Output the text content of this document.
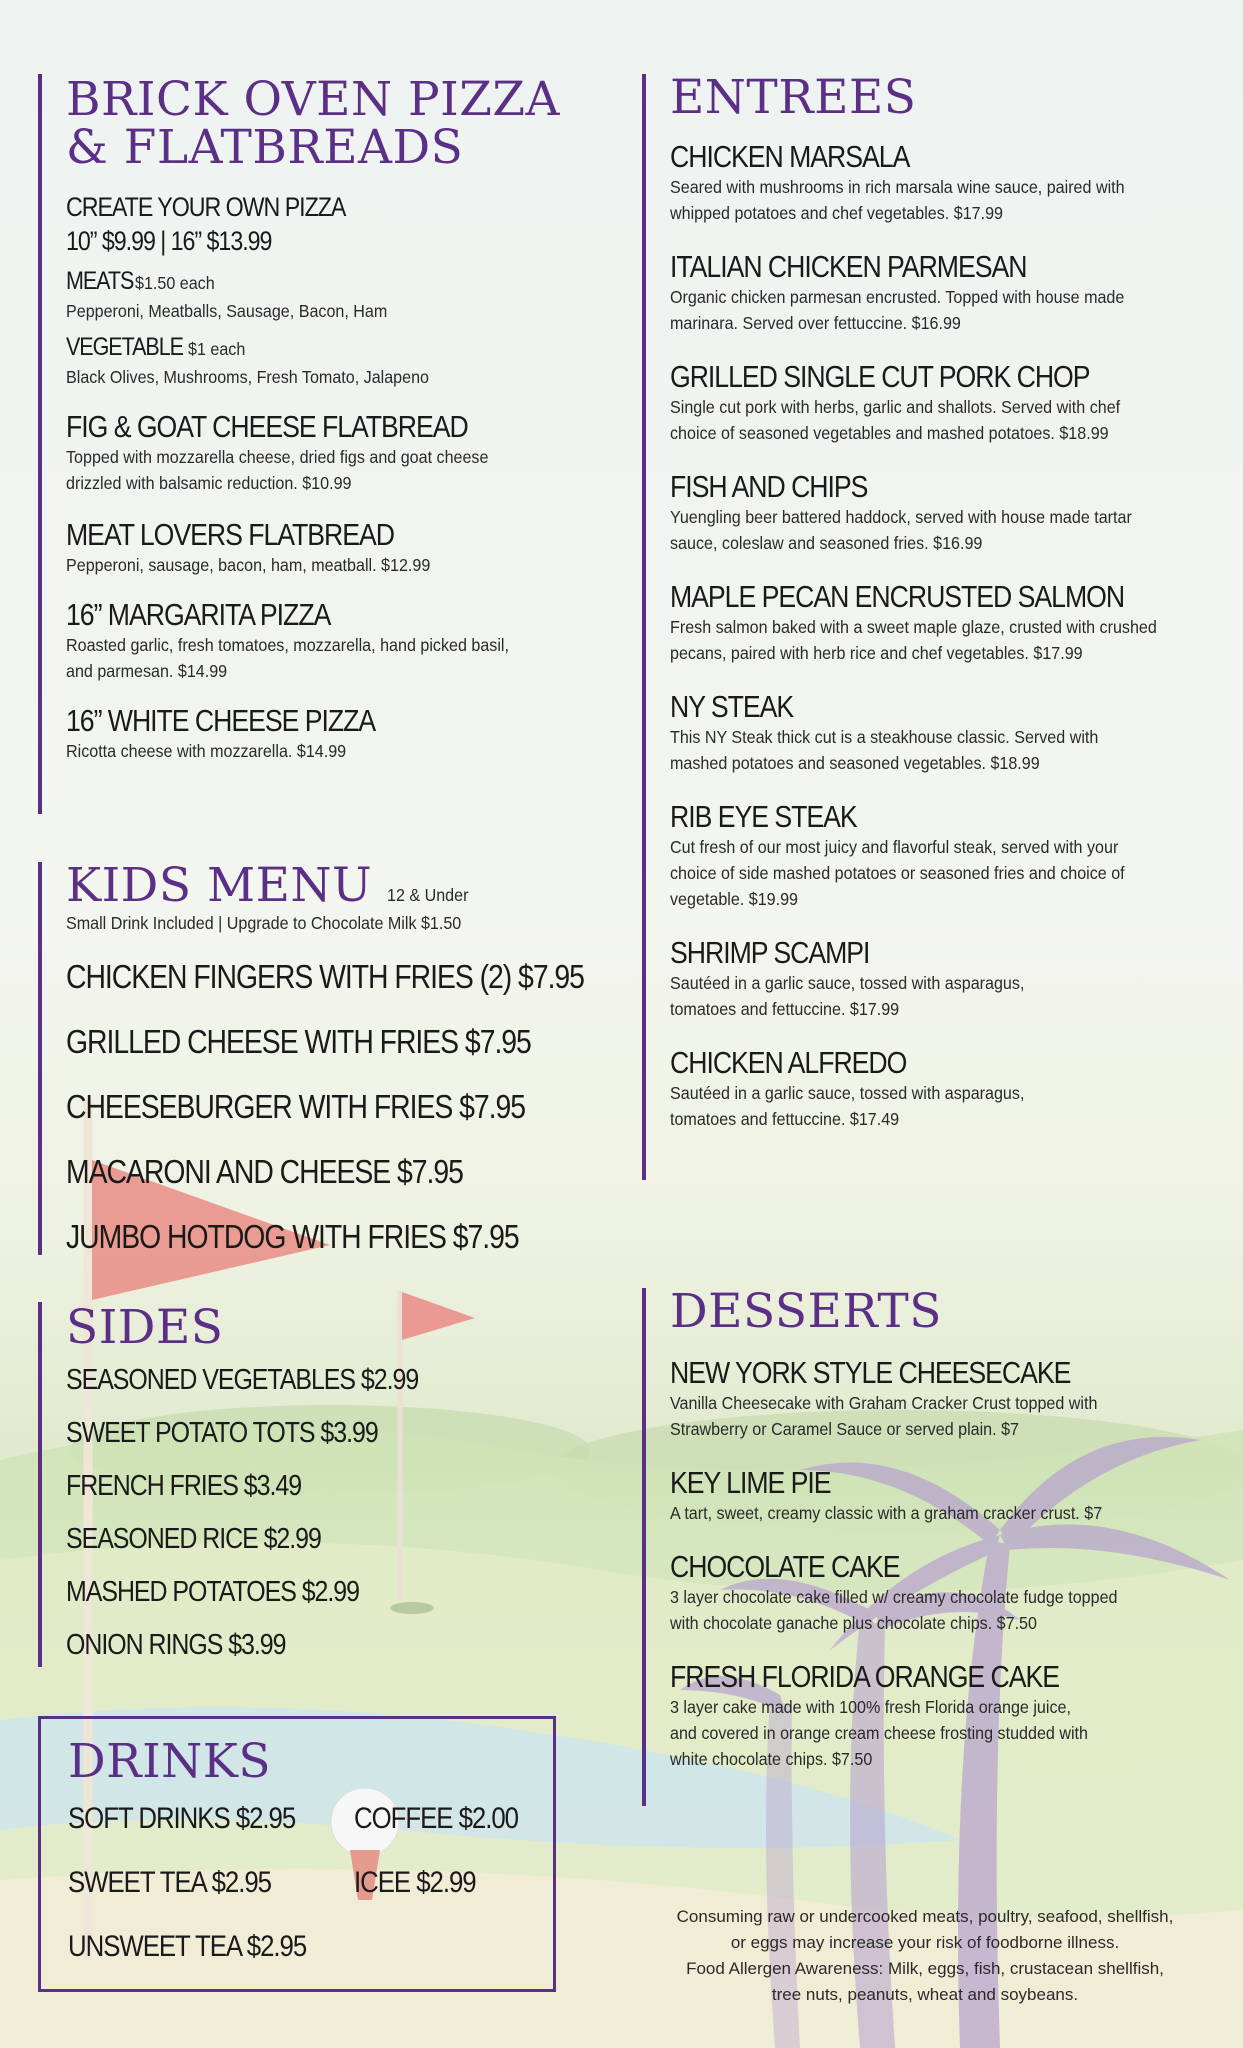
BRICK OVEN PIZZA & FLATBREADS
CREATE YOUR OWN PIZZA
10” $9.99 | 16” $13.99
MEATS $1.50 each
Pepperoni, Meatballs, Sausage, Bacon, Ham
VEGETABLE $1 each
Black Olives, Mushrooms, Fresh Tomato, Jalapeno
FIG & GOAT CHEESE FLATBREAD
Topped with mozzarella cheese, dried figs and goat cheese drizzled with balsamic reduction. $10.99
MEAT LOVERS FLATBREAD
Pepperoni, sausage, bacon, ham, meatball. $12.99
16” MARGARITA PIZZA
Roasted garlic, fresh tomatoes, mozzarella, hand picked basil, and parmesan. $14.99
16” WHITE CHEESE PIZZA
Ricotta cheese with mozzarella. $14.99
KIDS MENU 12 & Under
Small Drink Included | Upgrade to Chocolate Milk $1.50
CHICKEN FINGERS WITH FRIES (2) $7.95
GRILLED CHEESE WITH FRIES $7.95
CHEESEBURGER WITH FRIES $7.95
MACARONI AND CHEESE $7.95
JUMBO HOTDOG WITH FRIES $7.95
SIDES
SEASONED VEGETABLES $2.99
SWEET POTATO TOTS $3.99
FRENCH FRIES $3.49
SEASONED RICE $2.99
MASHED POTATOES $2.99
ONION RINGS $3.99
DRINKS
SOFT DRINKS $2.95
SWEET TEA $2.95
UNSWEET TEA $2.95
COFFEE $2.00
ICEE $2.99
ENTREES
CHICKEN MARSALA
Seared with mushrooms in rich marsala wine sauce, paired with whipped potatoes and chef vegetables. $17.99
ITALIAN CHICKEN PARMESAN
Organic chicken parmesan encrusted. Topped with house made marinara. Served over fettuccine. $16.99
GRILLED SINGLE CUT PORK CHOP
Single cut pork with herbs, garlic and shallots. Served with chef choice of seasoned vegetables and mashed potatoes. $18.99
FISH AND CHIPS
Yuengling beer battered haddock, served with house made tartar sauce, coleslaw and seasoned fries. $16.99
MAPLE PECAN ENCRUSTED SALMON
Fresh salmon baked with a sweet maple glaze, crusted with crushed pecans, paired with herb rice and chef vegetables. $17.99
NY STEAK
This NY Steak thick cut is a steakhouse classic. Served with mashed potatoes and seasoned vegetables. $18.99
RIB EYE STEAK
Cut fresh of our most juicy and flavorful steak, served with your choice of side mashed potatoes or seasoned fries and choice of vegetable. $19.99
SHRIMP SCAMPI
Sautéed in a garlic sauce, tossed with asparagus, tomatoes and fettuccine. $17.99
CHICKEN ALFREDO
Sautéed in a garlic sauce, tossed with asparagus, tomatoes and fettuccine. $17.49
DESSERTS
NEW YORK STYLE CHEESECAKE
Vanilla Cheesecake with Graham Cracker Crust topped with Strawberry or Caramel Sauce or served plain. $7
KEY LIME PIE
A tart, sweet, creamy classic with a graham cracker crust. $7
CHOCOLATE CAKE
3 layer chocolate cake filled w/ creamy chocolate fudge topped with chocolate ganache plus chocolate chips. $7.50
FRESH FLORIDA ORANGE CAKE
3 layer cake made with 100% fresh Florida orange juice, and covered in orange cream cheese frosting studded with white chocolate chips. $7.50
Consuming raw or undercooked meats, poultry, seafood, shellfish,
or eggs may increase your risk of foodborne illness.
Food Allergen Awareness: Milk, eggs, fish, crustacean shellfish,
tree nuts, peanuts, wheat and soybeans.
